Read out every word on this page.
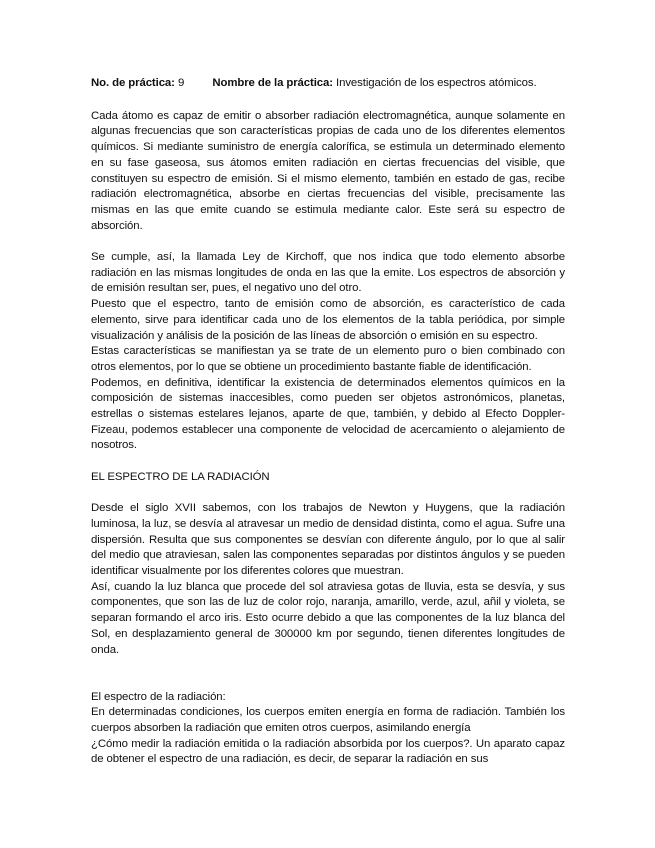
No. de práctica: 9 Nombre de la práctica: Investigación de los espectros atómicos.

Cada átomo es capaz de emitir o absorber radiación electromagnética, aunque solamente en algunas frecuencias que son características propias de cada uno de los diferentes elementos químicos. Si mediante suministro de energía calorífica, se estimula un determinado elemento en su fase gaseosa, sus átomos emiten radiación en ciertas frecuencias del visible, que constituyen su espectro de emisión. Si el mismo elemento, también en estado de gas, recibe radiación electromagnética, absorbe en ciertas frecuencias del visible, precisamente las mismas en las que emite cuando se estimula mediante calor. Este será su espectro de absorción.

Se cumple, así, la llamada Ley de Kirchoff, que nos indica que todo elemento absorbe radiación en las mismas longitudes de onda en las que la emite. Los espectros de absorción y de emisión resultan ser, pues, el negativo uno del otro.

Puesto que el espectro, tanto de emisión como de absorción, es característico de cada elemento, sirve para identificar cada uno de los elementos de la tabla periódica, por simple visualización y análisis de la posición de las líneas de absorción o emisión en su espectro.

Estas características se manifiestan ya se trate de un elemento puro o bien combinado con otros elementos, por lo que se obtiene un procedimiento bastante fiable de identificación.

Podemos, en definitiva, identificar la existencia de determinados elementos químicos en la composición de sistemas inaccesibles, como pueden ser objetos astronómicos, planetas, estrellas o sistemas estelares lejanos, aparte de que, también, y debido al Efecto Doppler-Fizeau, podemos establecer una componente de velocidad de acercamiento o alejamiento de nosotros.

EL ESPECTRO DE LA RADIACIÓN

Desde el siglo XVII sabemos, con los trabajos de Newton y Huygens, que la radiación luminosa, la luz, se desvía al atravesar un medio de densidad distinta, como el agua. Sufre una dispersión. Resulta que sus componentes se desvían con diferente ángulo, por lo que al salir del medio que atraviesan, salen las componentes separadas por distintos ángulos y se pueden identificar visualmente por los diferentes colores que muestran.

Así, cuando la luz blanca que procede del sol atraviesa gotas de lluvia, esta se desvía, y sus componentes, que son las de luz de color rojo, naranja, amarillo, verde, azul, añil y violeta, se separan formando el arco iris. Esto ocurre debido a que las componentes de la luz blanca del Sol, en desplazamiento general de 300000 km por segundo, tienen diferentes longitudes de onda.

El espectro de la radiación:

En determinadas condiciones, los cuerpos emiten energía en forma de radiación. También los cuerpos absorben la radiación que emiten otros cuerpos, asimilando energía

¿Cómo medir la radiación emitida o la radiación absorbida por los cuerpos?. Un aparato capaz de obtener el espectro de una radiación, es decir, de separar la radiación en sus
